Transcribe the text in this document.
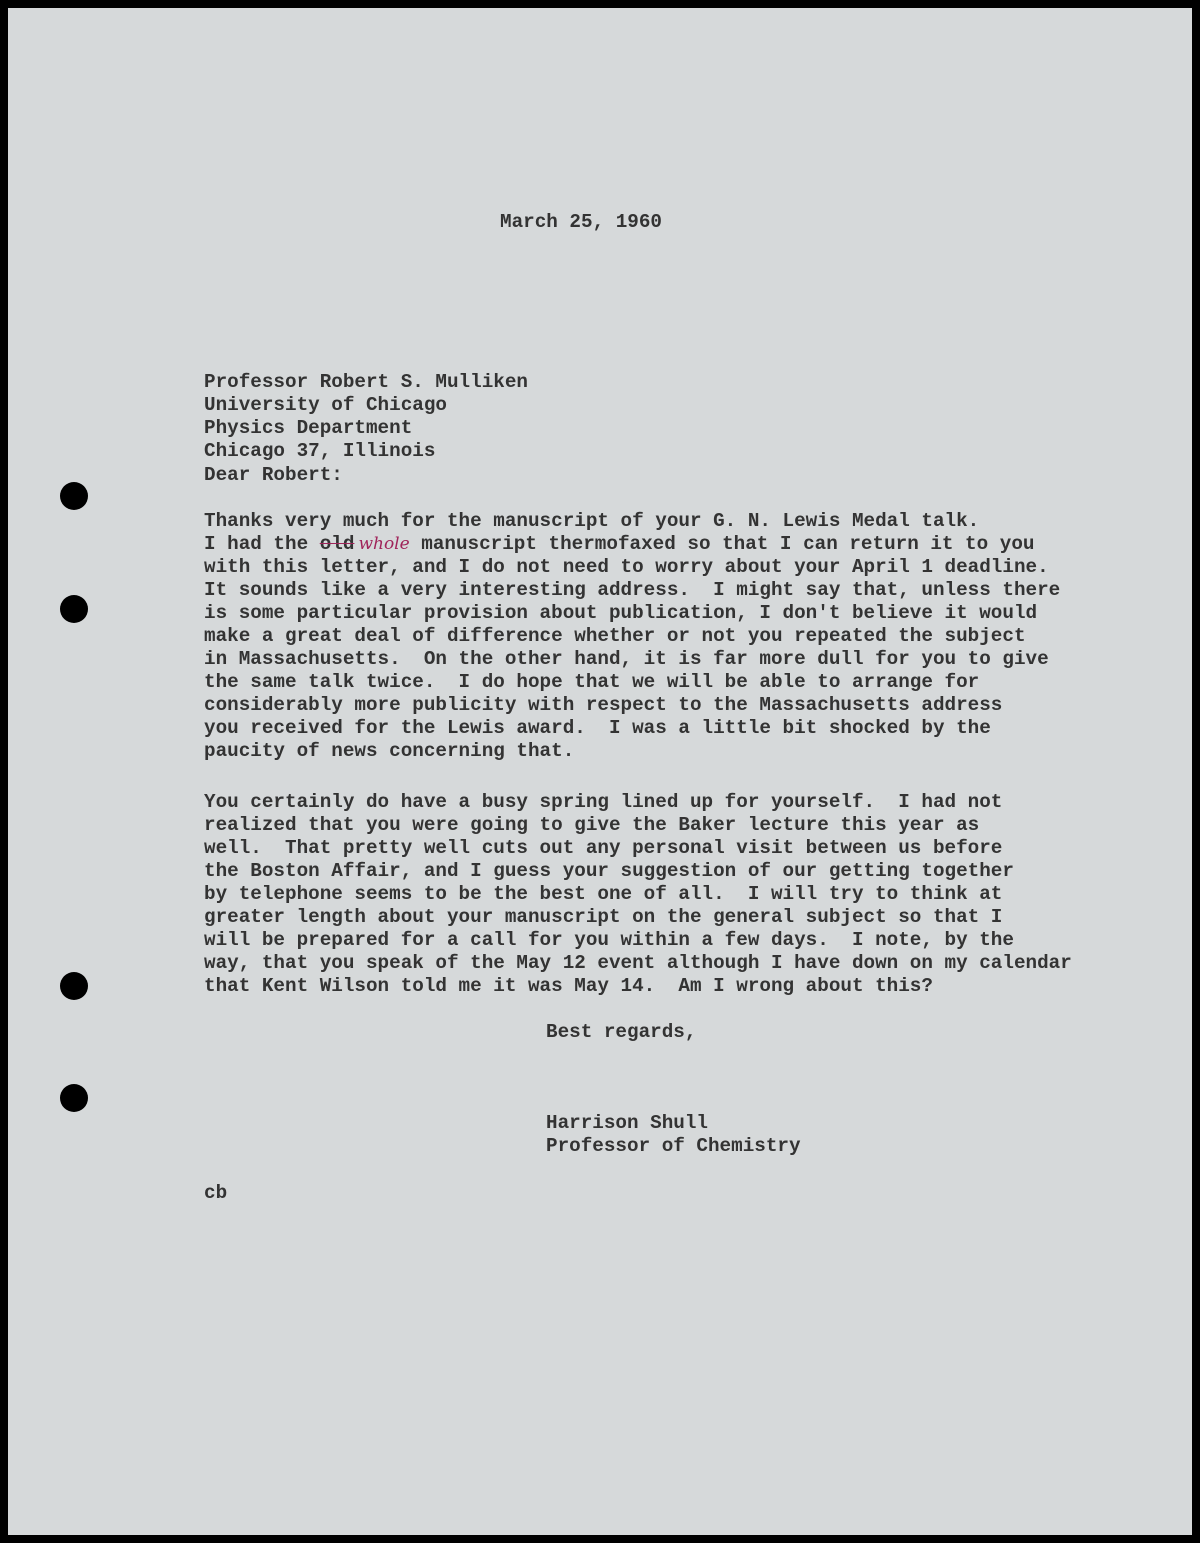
March 25, 1960
Professor Robert S. Mulliken
University of Chicago
Physics Department
Chicago 37, Illinois
Dear Robert:
Thanks very much for the manuscript of your G. N. Lewis Medal talk.
I had the old whole manuscript thermofaxed so that I can return it to you
with this letter, and I do not need to worry about your April 1 deadline.
It sounds like a very interesting address.  I might say that, unless there
is some particular provision about publication, I don't believe it would
make a great deal of difference whether or not you repeated the subject
in Massachusetts.  On the other hand, it is far more dull for you to give
the same talk twice.  I do hope that we will be able to arrange for
considerably more publicity with respect to the Massachusetts address
you received for the Lewis award.  I was a little bit shocked by the
paucity of news concerning that.
You certainly do have a busy spring lined up for yourself.  I had not
realized that you were going to give the Baker lecture this year as
well.  That pretty well cuts out any personal visit between us before
the Boston Affair, and I guess your suggestion of our getting together
by telephone seems to be the best one of all.  I will try to think at
greater length about your manuscript on the general subject so that I
will be prepared for a call for you within a few days.  I note, by the
way, that you speak of the May 12 event although I have down on my calendar
that Kent Wilson told me it was May 14.  Am I wrong about this?
Best regards,
Harrison Shull
Professor of Chemistry
cb
